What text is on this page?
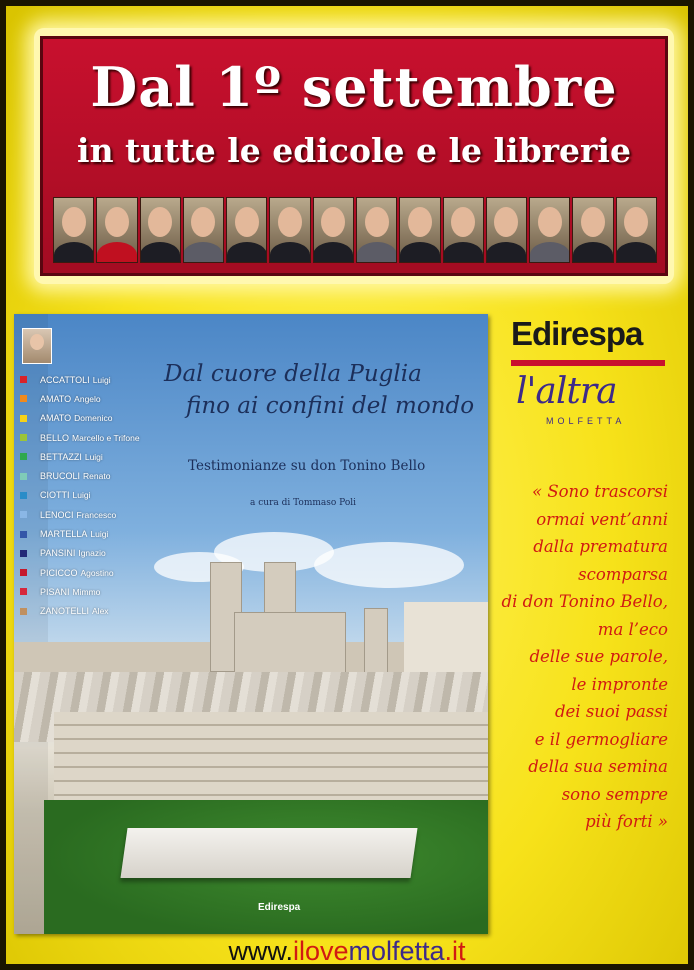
Dal 1º settembre
in tutte le edicole e le librerie
ACCATTOLI Luigi
AMATO Angelo
AMATO Domenico
BELLO Marcello e Trifone
BETTAZZI Luigi
BRUCOLI Renato
CIOTTI Luigi
LENOCI Francesco
MARTELLA Luigi
PANSINI Ignazio
PICICCO Agostino
PISANI Mimmo
ZANOTELLI Alex
Dal cuore della Puglia
fino ai confini del mondo
Testimonianze su don Tonino Bello
a cura di Tommaso Poli
Edirespa
Edirespa
l'altra
MOLFETTA
« Sono trascorsi
ormai vent’anni
dalla prematura
scomparsa
di don Tonino Bello,
ma l’eco
delle sue parole,
le impronte
dei suoi passi
e il germogliare
della sua semina
sono sempre
più forti »
www.ilovemolfetta.it
